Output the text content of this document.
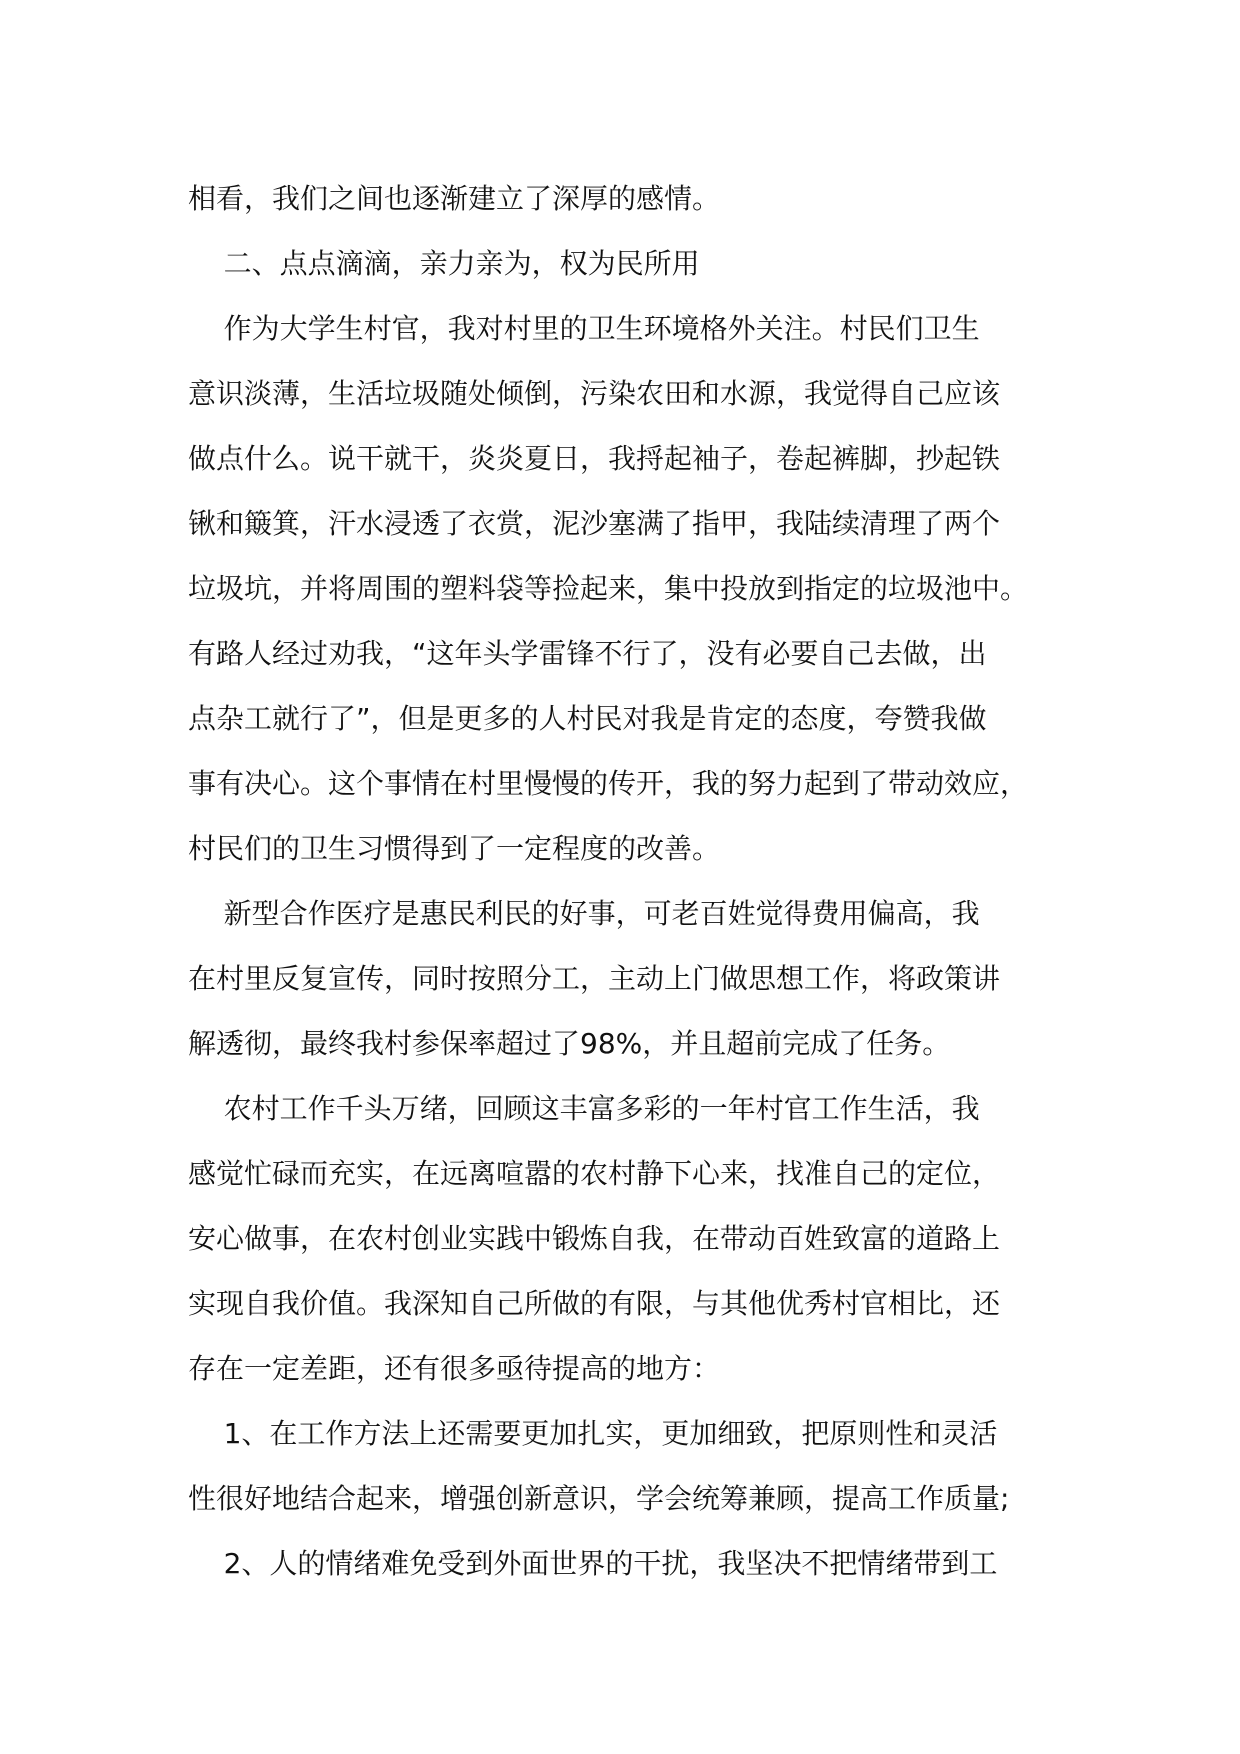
相看，我们之间也逐渐建立了深厚的感情。

二、点点滴滴，亲力亲为，权为民所用

作为大学生村官，我对村里的卫生环境格外关注。村民们卫生

意识淡薄，生活垃圾随处倾倒，污染农田和水源，我觉得自己应该

做点什么。说干就干，炎炎夏日，我捋起袖子，卷起裤脚，抄起铁

锹和簸箕，汗水浸透了衣赏，泥沙塞满了指甲，我陆续清理了两个

垃圾坑，并将周围的塑料袋等捡起来，集中投放到指定的垃圾池中。

有路人经过劝我，“这年头学雷锋不行了，没有必要自己去做，出

点杂工就行了”，但是更多的人村民对我是肯定的态度，夸赞我做

事有决心。这个事情在村里慢慢的传开，我的努力起到了带动效应，

村民们的卫生习惯得到了一定程度的改善。

新型合作医疗是惠民利民的好事，可老百姓觉得费用偏高，我

在村里反复宣传，同时按照分工，主动上门做思想工作，将政策讲

解透彻，最终我村参保率超过了98%，并且超前完成了任务。

农村工作千头万绪，回顾这丰富多彩的一年村官工作生活，我

感觉忙碌而充实，在远离喧嚣的农村静下心来，找准自己的定位，

安心做事，在农村创业实践中锻炼自我，在带动百姓致富的道路上

实现自我价值。我深知自己所做的有限，与其他优秀村官相比，还

存在一定差距，还有很多亟待提高的地方：

1、在工作方法上还需要更加扎实，更加细致，把原则性和灵活

性很好地结合起来，增强创新意识，学会统筹兼顾，提高工作质量;

2、人的情绪难免受到外面世界的干扰，我坚决不把情绪带到工
